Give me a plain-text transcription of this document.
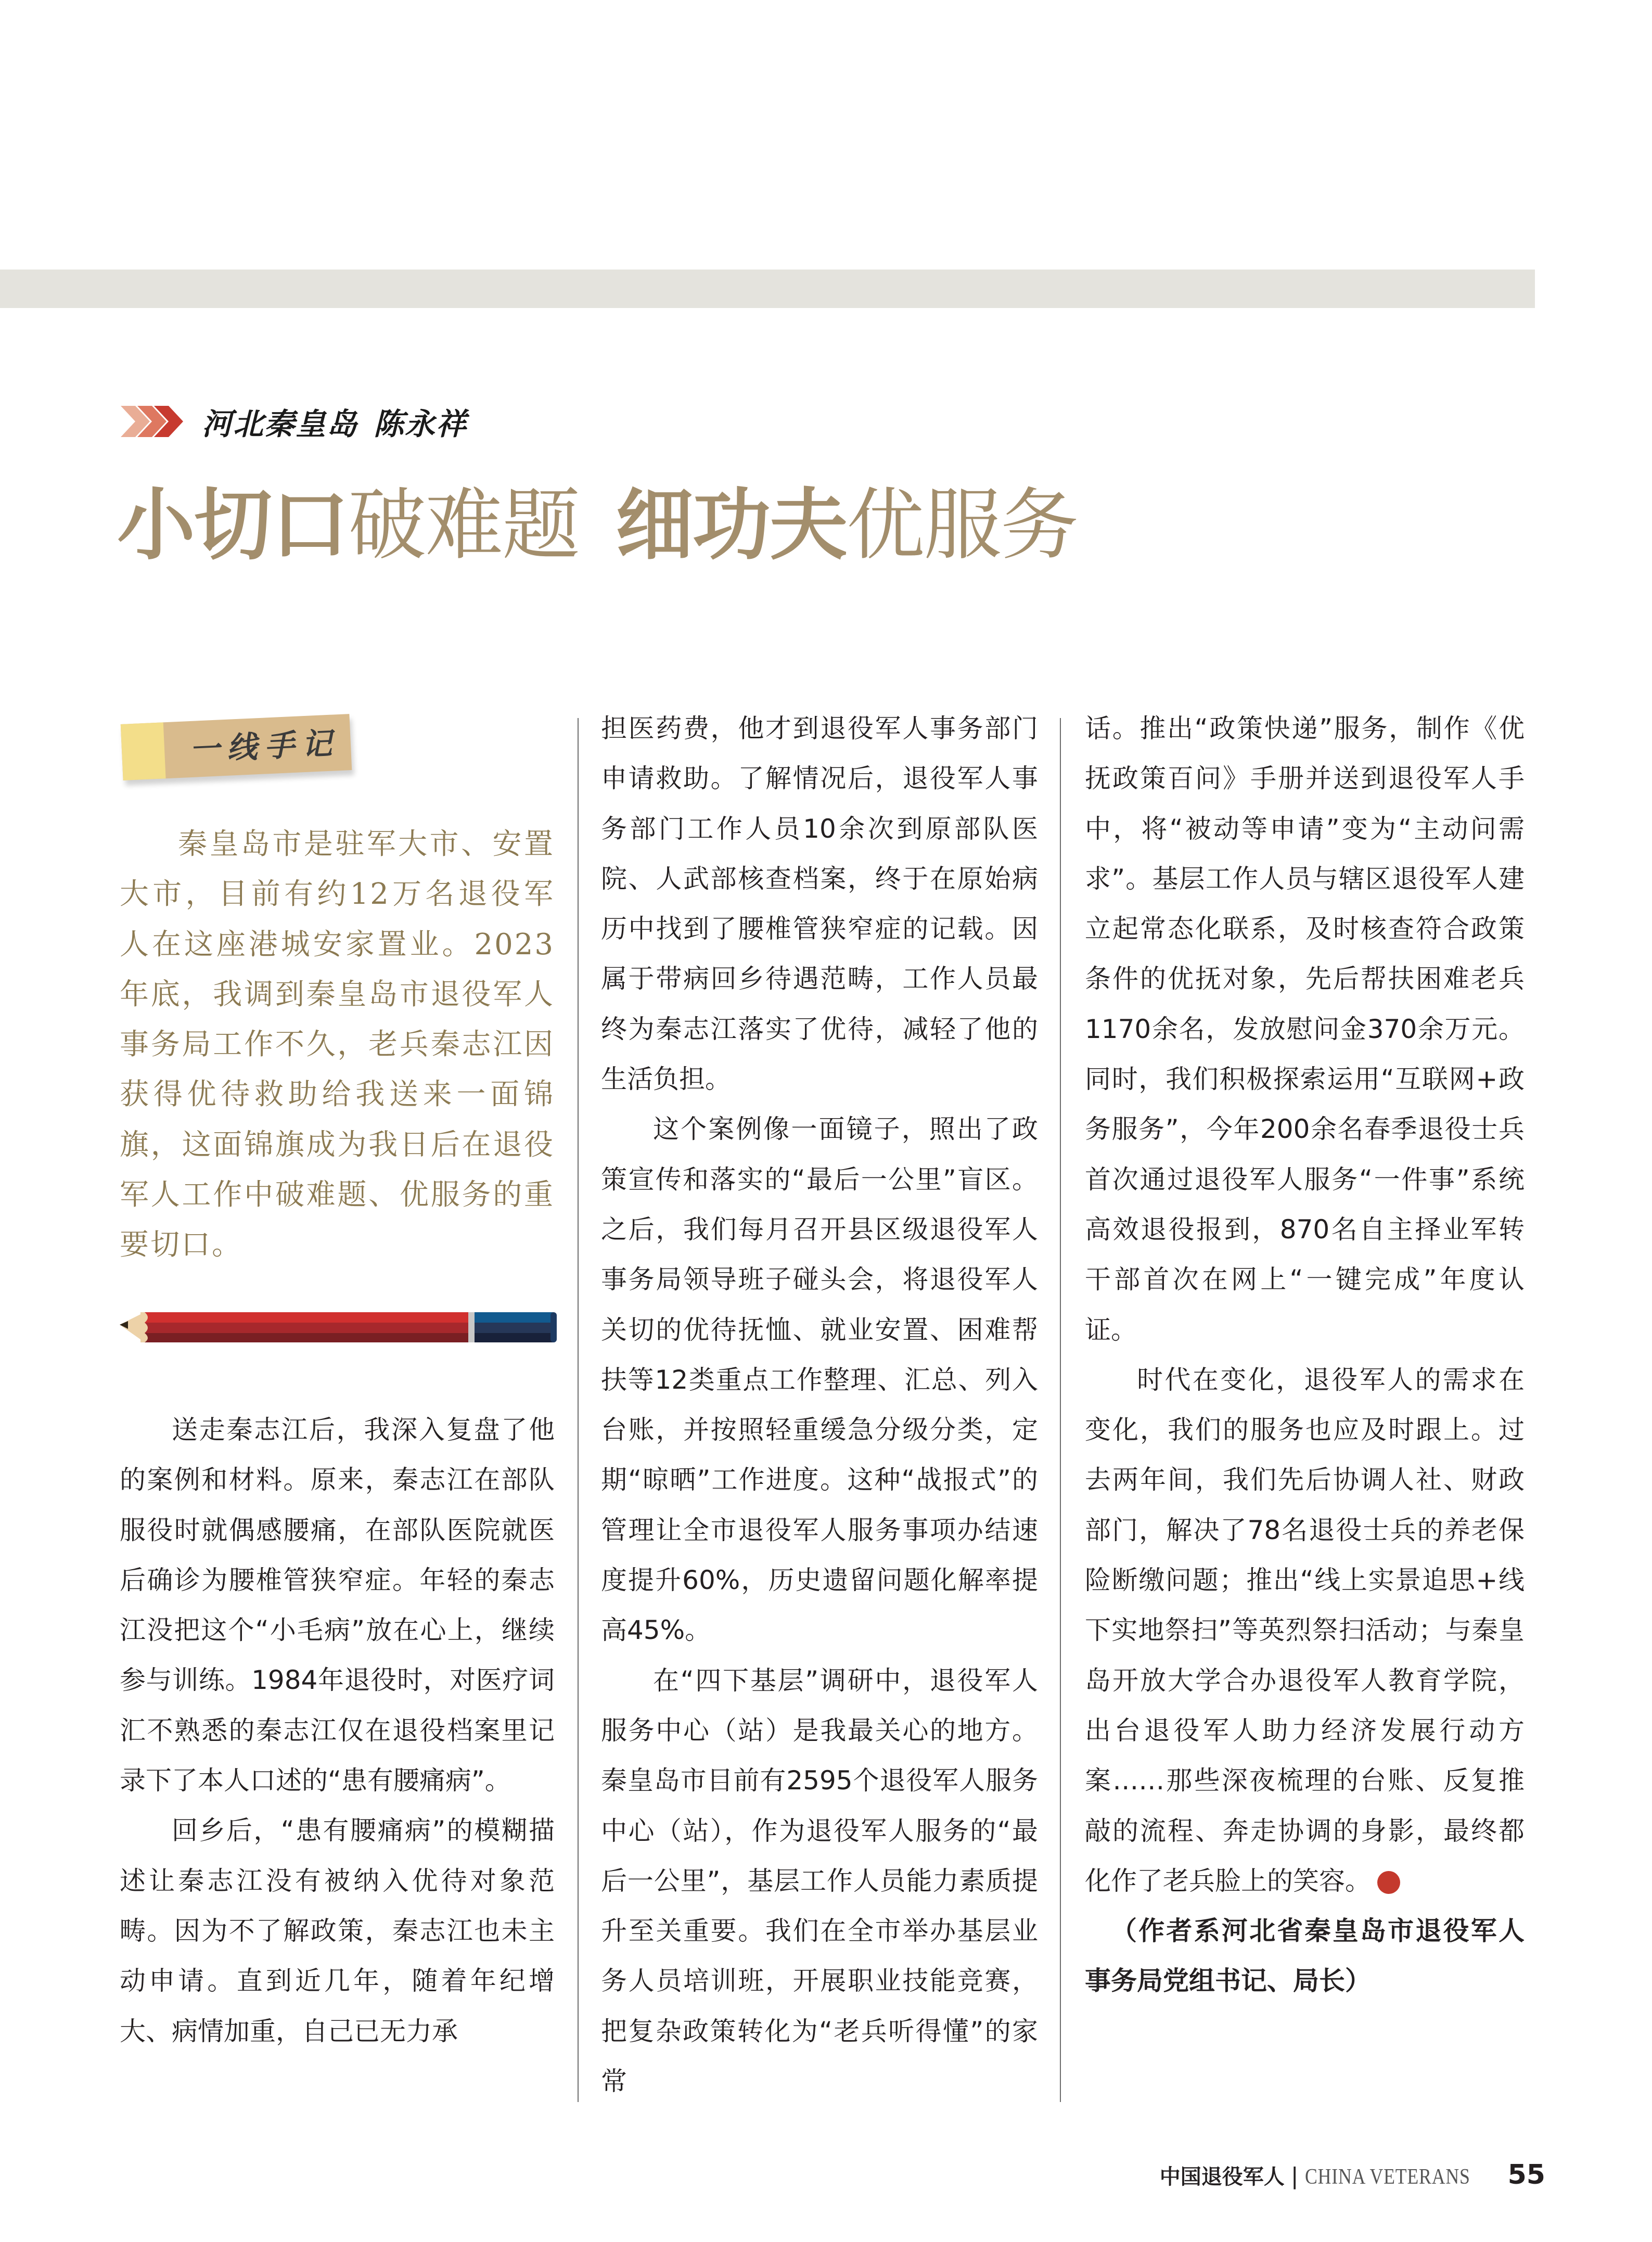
河北秦皇岛 陈永祥
小切口破难题 细功夫优服务
一线手记

秦皇岛市是驻军大市、安置大市，目前有约12万名退役军人在这座港城安家置业。2023年底，我调到秦皇岛市退役军人事务局工作不久，老兵秦志江因获得优待救助给我送来一面锦旗，这面锦旗成为我日后在退役军人工作中破难题、优服务的重要切口。

送走秦志江后，我深入复盘了他的案例和材料。原来，秦志江在部队服役时就偶感腰痛，在部队医院就医后确诊为腰椎管狭窄症。年轻的秦志江没把这个“小毛病”放在心上，继续参与训练。1984年退役时，对医疗词汇不熟悉的秦志江仅在退役档案里记录下了本人口述的“患有腰痛病”。

回乡后，“患有腰痛病”的模糊描述让秦志江没有被纳入优待对象范畴。因为不了解政策，秦志江也未主动申请。直到近几年，随着年纪增大、病情加重，自己已无力承

担医药费，他才到退役军人事务部门申请救助。了解情况后，退役军人事务部门工作人员10余次到原部队医院、人武部核查档案，终于在原始病历中找到了腰椎管狭窄症的记载。因属于带病回乡待遇范畴，工作人员最终为秦志江落实了优待，减轻了他的生活负担。

这个案例像一面镜子，照出了政策宣传和落实的“最后一公里”盲区。之后，我们每月召开县区级退役军人事务局领导班子碰头会，将退役军人关切的优待抚恤、就业安置、困难帮扶等12类重点工作整理、汇总、列入台账，并按照轻重缓急分级分类，定期“晾晒”工作进度。这种“战报式”的管理让全市退役军人服务事项办结速度提升60%，历史遗留问题化解率提高45%。

在“四下基层”调研中，退役军人服务中心（站）是我最关心的地方。秦皇岛市目前有2595个退役军人服务中心（站），作为退役军人服务的“最后一公里”，基层工作人员能力素质提升至关重要。我们在全市举办基层业务人员培训班，开展职业技能竞赛，把复杂政策转化为“老兵听得懂”的家常

话。推出“政策快递”服务，制作《优抚政策百问》手册并送到退役军人手中，将“被动等申请”变为“主动问需求”。基层工作人员与辖区退役军人建立起常态化联系，及时核查符合政策条件的优抚对象，先后帮扶困难老兵1170余名，发放慰问金370余万元。同时，我们积极探索运用“互联网+政务服务”，今年200余名春季退役士兵首次通过退役军人服务“一件事”系统高效退役报到，870名自主择业军转干部首次在网上“一键完成”年度认证。

时代在变化，退役军人的需求在变化，我们的服务也应及时跟上。过去两年间，我们先后协调人社、财政部门，解决了78名退役士兵的养老保险断缴问题；推出“线上实景追思+线下实地祭扫”等英烈祭扫活动；与秦皇岛开放大学合办退役军人教育学院，出台退役军人助力经济发展行动方案……那些深夜梳理的台账、反复推敲的流程、奔走协调的身影，最终都化作了老兵脸上的笑容。	V

（作者系河北省秦皇岛市退役军人事务局党组书记、局长）

中国退役军人 | CHINA VETERANS 55
